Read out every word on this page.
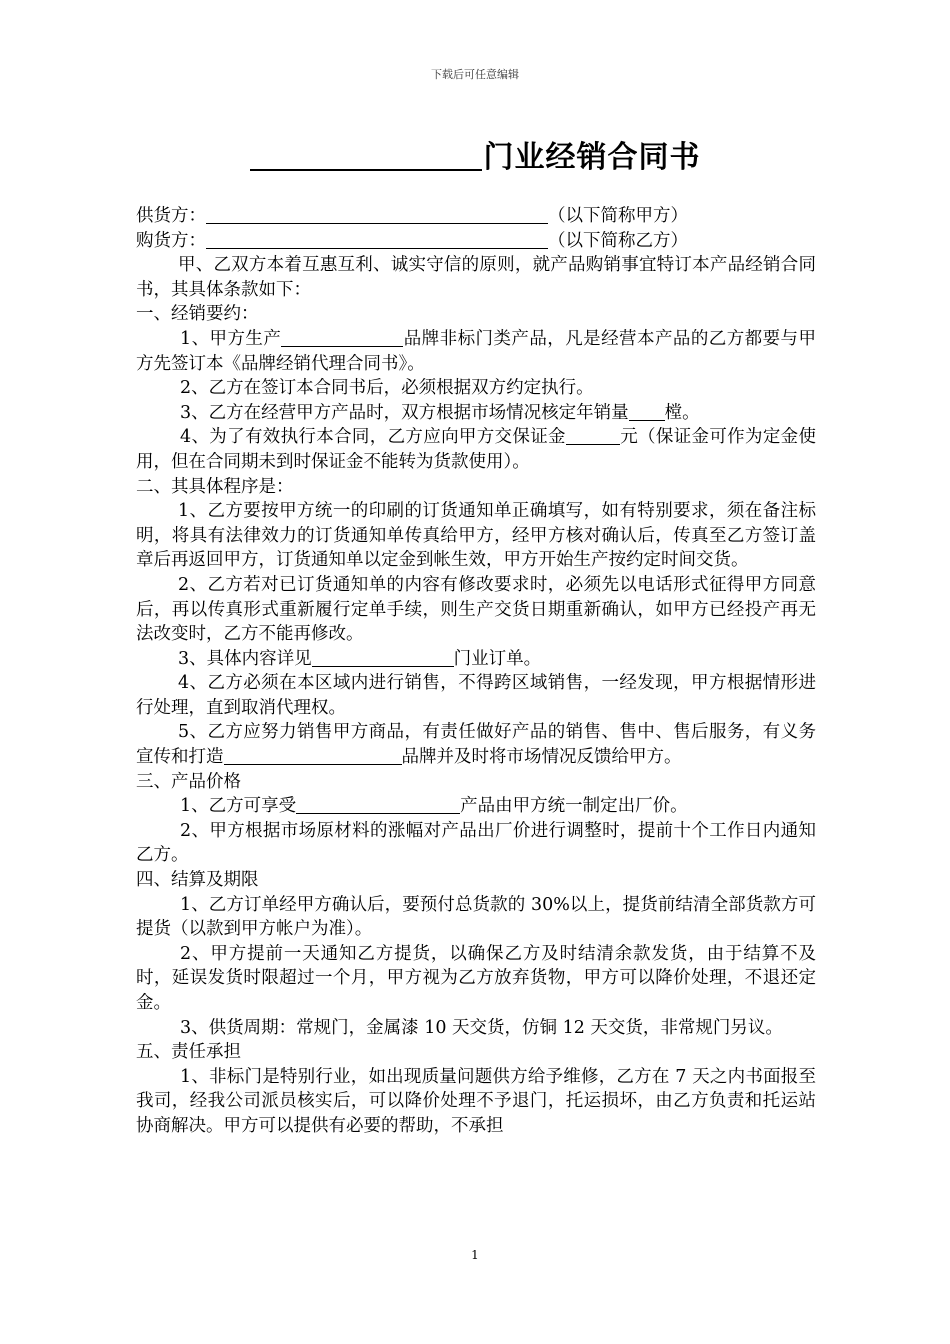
下载后可任意编辑
门业经销合同书

供货方：	（以下简称甲方）

购货方：	（以下简称乙方）

甲、乙双方本着互惠互利、诚实守信的原则，就产品购销事宜特订本产品经销合同书，其具体条款如下：

一、经销要约：

1、甲方生产	品牌非标门类产品，凡是经营本产品的乙方都要与甲方先签订本《品牌经销代理合同书》。

2、乙方在签订本合同书后，必须根据双方约定执行。

3、乙方在经营甲方产品时，双方根据市场情况核定年销量 樘。

4、为了有效执行本合同，乙方应向甲方交保证金	元（保证金可作为定金使用，但在合同期未到时保证金不能转为货款使用）。

二、其具体程序是：

1、乙方要按甲方统一的印刷的订货通知单正确填写，如有特别要求，须在备注标明，将具有法律效力的订货通知单传真给甲方，经甲方核对确认后，传真至乙方签订盖章后再返回甲方，订货通知单以定金到帐生效，甲方开始生产按约定时间交货。

2、乙方若对已订货通知单的内容有修改要求时，必须先以电话形式征得甲方同意后，再以传真形式重新履行定单手续，则生产交货日期重新确认，如甲方已经投产再无法改变时，乙方不能再修改。

3、具体内容详见	门业订单。

4、乙方必须在本区域内进行销售，不得跨区域销售，一经发现，甲方根据情形进行处理，直到取消代理权。

5、乙方应努力销售甲方商品，有责任做好产品的销售、售中、售后服务，有义务宣传和打造	品牌并及时将市场情况反馈给甲方。

三、产品价格

1、乙方可享受	产品由甲方统一制定出厂价。

2、甲方根据市场原材料的涨幅对产品出厂价进行调整时，提前十个工作日内通知乙方。

四、结算及期限

1、乙方订单经甲方确认后，要预付总货款的 30%以上，提货前结清全部货款方可提货（以款到甲方帐户为准）。

2、甲方提前一天通知乙方提货，以确保乙方及时结清余款发货，由于结算不及时，延误发货时限超过一个月，甲方视为乙方放弃货物，甲方可以降价处理，不退还定金。

3、供货周期：常规门，金属漆 10 天交货，仿铜 12 天交货，非常规门另议。

五、责任承担

1、非标门是特别行业，如出现质量问题供方给予维修，乙方在 7 天之内书面报至我司，经我公司派员核实后，可以降价处理不予退门，托运损坏，由乙方负责和托运站协商解决。甲方可以提供有必要的帮助，不承担

1
